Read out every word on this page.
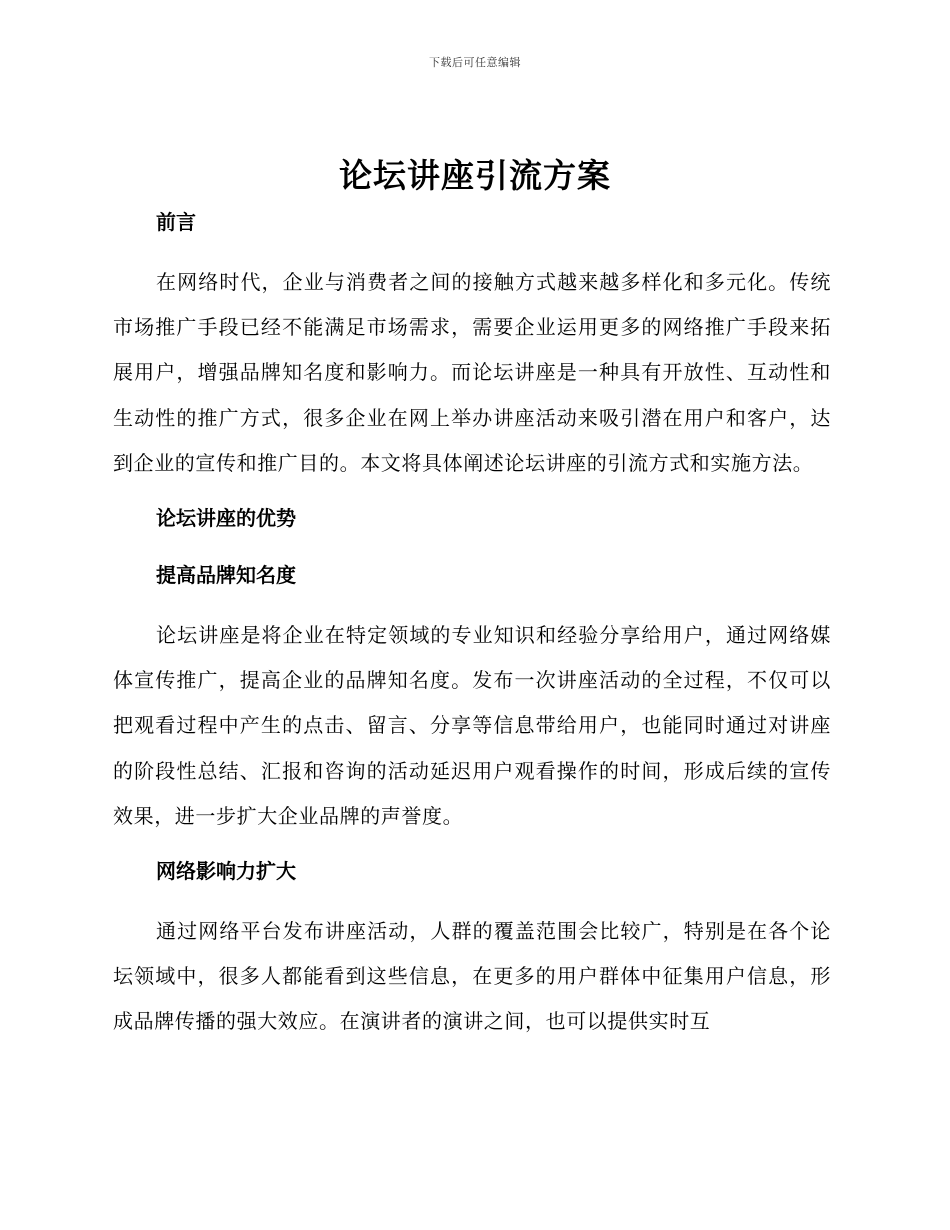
下载后可任意编辑
论坛讲座引流方案
前言

在网络时代，企业与消费者之间的接触方式越来越多样化和多元化。传统市场推广手段已经不能满足市场需求，需要企业运用更多的网络推广手段来拓展用户，增强品牌知名度和影响力。而论坛讲座是一种具有开放性、互动性和生动性的推广方式，很多企业在网上举办讲座活动来吸引潜在用户和客户，达到企业的宣传和推广目的。本文将具体阐述论坛讲座的引流方式和实施方法。

论坛讲座的优势
提高品牌知名度

论坛讲座是将企业在特定领域的专业知识和经验分享给用户，通过网络媒体宣传推广，提高企业的品牌知名度。发布一次讲座活动的全过程，不仅可以把观看过程中产生的点击、留言、分享等信息带给用户，也能同时通过对讲座的阶段性总结、汇报和咨询的活动延迟用户观看操作的时间，形成后续的宣传效果，进一步扩大企业品牌的声誉度。

网络影响力扩大

通过网络平台发布讲座活动，人群的覆盖范围会比较广，特别是在各个论坛领域中，很多人都能看到这些信息，在更多的用户群体中征集用户信息，形成品牌传播的强大效应。在演讲者的演讲之间，也可以提供实时互
